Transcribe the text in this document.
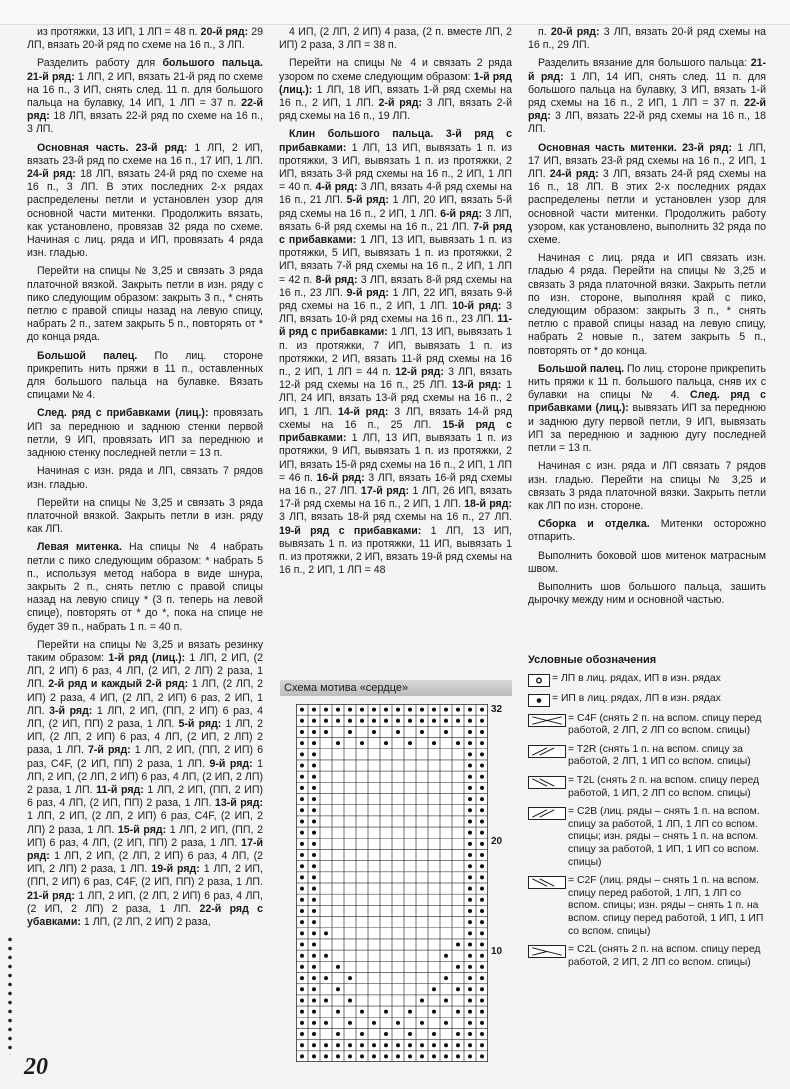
из протяжки, 13 ИП, 1 ЛП = 48 п. 20-й ряд: 29 ЛП, вязать 20-й ряд по схеме на 16 п., 3 ЛП.

Разделить работу для большого пальца. 21-й ряд: 1 ЛП, 2 ИП, вязать 21-й ряд по схеме на 16 п., 3 ИП, снять след. 11 п. для большого пальца на булавку, 14 ИП, 1 ЛП = 37 п. 22-й ряд: 18 ЛП, вязать 22-й ряд по схеме на 16 п., 3 ЛП.

Основная часть. 23-й ряд: 1 ЛП, 2 ИП, вязать 23-й ряд по схеме на 16 п., 17 ИП, 1 ЛП. 24-й ряд: 18 ЛП, вязать 24-й ряд по схеме на 16 п., 3 ЛП. В этих последних 2-х рядах распределены петли и установлен узор для основной части митенки. Продолжить вязать, как установлено, провязав 32 ряда по схеме. Начиная с лиц. ряда и ИП, провязать 4 ряда изн. гладью.

Перейти на спицы № 3,25 и связать 3 ряда платочной вязкой. Закрыть петли в изн. ряду с пико следующим образом: закрыть 3 п., * снять петлю с правой спицы назад на левую спицу, набрать 2 п., затем закрыть 5 п., повторять от * до конца ряда.

Большой палец. По лиц. стороне прикрепить нить пряжи в 11 п., оставленных для большого пальца на булавке. Вязать спицами № 4.

След. ряд с прибавками (лиц.): провязать ИП за переднюю и заднюю стенки первой петли, 9 ИП, провязать ИП за переднюю и заднюю стенку последней петли = 13 п.

Начиная с изн. ряда и ЛП, связать 7 рядов изн. гладью.

Перейти на спицы № 3,25 и связать 3 ряда платочной вязкой. Закрыть петли в изн. ряду как ЛП.

Левая митенка. На спицы № 4 набрать петли с пико следующим образом: * набрать 5 п., используя метод набора в виде шнура, закрыть 2 п., снять петлю с правой спицы назад на левую спицу * (3 п. теперь на левой спице), повторять от * до *, пока на спице не будет 39 п., набрать 1 п. = 40 п.

Перейти на спицы № 3,25 и вязать резинку таким образом: 1-й ряд (лиц.): 1 ЛП, 2 ИП, (2 ЛП, 2 ИП) 6 раз, 4 ЛП, (2 ИП, 2 ЛП) 2 раза, 1 ЛП. 2-й ряд и каждый 2-й ряд: 1 ЛП, (2 ЛП, 2 ИП) 2 раза, 4 ИП, (2 ЛП, 2 ИП) 6 раз, 2 ИП, 1 ЛП. 3-й ряд: 1 ЛП, 2 ИП, (ПП, 2 ИП) 6 раз, 4 ЛП, (2 ИП, ПП) 2 раза, 1 ЛП. 5-й ряд: 1 ЛП, 2 ИП, (2 ЛП, 2 ИП) 6 раз, 4 ЛП, (2 ИП, 2 ЛП) 2 раза, 1 ЛП. 7-й ряд: 1 ЛП, 2 ИП, (ПП, 2 ИП) 6 раз, C4F, (2 ИП, ПП) 2 раза, 1 ЛП. 9-й ряд: 1 ЛП, 2 ИП, (2 ЛП, 2 ИП) 6 раз, 4 ЛП, (2 ИП, 2 ЛП) 2 раза, 1 ЛП. 11-й ряд: 1 ЛП, 2 ИП, (ПП, 2 ИП) 6 раз, 4 ЛП, (2 ИП, ПП) 2 раза, 1 ЛП. 13-й ряд: 1 ЛП, 2 ИП, (2 ЛП, 2 ИП) 6 раз, C4F, (2 ИП, 2 ЛП) 2 раза, 1 ЛП. 15-й ряд: 1 ЛП, 2 ИП, (ПП, 2 ИП) 6 раз, 4 ЛП, (2 ИП, ПП) 2 раза, 1 ЛП. 17-й ряд: 1 ЛП, 2 ИП, (2 ЛП, 2 ИП) 6 раз, 4 ЛП, (2 ИП, 2 ЛП) 2 раза, 1 ЛП. 19-й ряд: 1 ЛП, 2 ИП, (ПП, 2 ИП) 6 раз, C4F, (2 ИП, ПП) 2 раза, 1 ЛП. 21-й ряд: 1 ЛП, 2 ИП, (2 ЛП, 2 ИП) 6 раз, 4 ЛП, (2 ИП, 2 ЛП) 2 раза, 1 ЛП. 22-й ряд с убавками: 1 ЛП, (2 ЛП, 2 ИП) 2 раза,

4 ИП, (2 ЛП, 2 ИП) 4 раза, (2 п. вместе ЛП, 2 ИП) 2 раза, 3 ЛП = 38 п.

Перейти на спицы № 4 и связать 2 ряда узором по схеме следующим образом: 1-й ряд (лиц.): 1 ЛП, 18 ИП, вязать 1-й ряд схемы на 16 п., 2 ИП, 1 ЛП. 2-й ряд: 3 ЛП, вязать 2-й ряд схемы на 16 п., 19 ЛП.

Клин большого пальца. 3-й ряд с прибавками: 1 ЛП, 13 ИП, вывязать 1 п. из протяжки, 3 ИП, вывязать 1 п. из протяжки, 2 ИП, вязать 3-й ряд схемы на 16 п., 2 ИП, 1 ЛП = 40 п. 4-й ряд: 3 ЛП, вязать 4-й ряд схемы на 16 п., 21 ЛП. 5-й ряд: 1 ЛП, 20 ИП, вязать 5-й ряд схемы на 16 п., 2 ИП, 1 ЛП. 6-й ряд: 3 ЛП, вязать 6-й ряд схемы на 16 п., 21 ЛП. 7-й ряд с прибавками: 1 ЛП, 13 ИП, вывязать 1 п. из протяжки, 5 ИП, вывязать 1 п. из протяжки, 2 ИП, вязать 7-й ряд схемы на 16 п., 2 ИП, 1 ЛП = 42 п. 8-й ряд: 3 ЛП, вязать 8-й ряд схемы на 16 п., 23 ЛП. 9-й ряд: 1 ЛП, 22 ИП, вязать 9-й ряд схемы на 16 п., 2 ИП, 1 ЛП. 10-й ряд: 3 ЛП, вязать 10-й ряд схемы на 16 п., 23 ЛП. 11-й ряд с прибавками: 1 ЛП, 13 ИП, вывязать 1 п. из протяжки, 7 ИП, вывязать 1 п. из протяжки, 2 ИП, вязать 11-й ряд схемы на 16 п., 2 ИП, 1 ЛП = 44 п. 12-й ряд: 3 ЛП, вязать 12-й ряд схемы на 16 п., 25 ЛП. 13-й ряд: 1 ЛП, 24 ИП, вязать 13-й ряд схемы на 16 п., 2 ИП, 1 ЛП. 14-й ряд: 3 ЛП, вязать 14-й ряд схемы на 16 п., 25 ЛП. 15-й ряд с прибавками: 1 ЛП, 13 ИП, вывязать 1 п. из протяжки, 9 ИП, вывязать 1 п. из протяжки, 2 ИП, вязать 15-й ряд схемы на 16 п., 2 ИП, 1 ЛП = 46 п. 16-й ряд: 3 ЛП, вязать 16-й ряд схемы на 16 п., 27 ЛП. 17-й ряд: 1 ЛП, 26 ИП, вязать 17-й ряд схемы на 16 п., 2 ИП, 1 ЛП. 18-й ряд: 3 ЛП, вязать 18-й ряд схемы на 16 п., 27 ЛП. 19-й ряд с прибавками: 1 ЛП, 13 ИП, вывязать 1 п. из протяжки, 11 ИП, вывязать 1 п. из протяжки, 2 ИП, вязать 19-й ряд схемы на 16 п., 2 ИП, 1 ЛП = 48

п. 20-й ряд: 3 ЛП, вязать 20-й ряд схемы на 16 п., 29 ЛП.

Разделить вязание для большого пальца: 21-й ряд: 1 ЛП, 14 ИП, снять след. 11 п. для большого пальца на булавку, 3 ИП, вязать 1-й ряд схемы на 16 п., 2 ИП, 1 ЛП = 37 п. 22-й ряд: 3 ЛП, вязать 22-й ряд схемы на 16 п., 18 ЛП.

Основная часть митенки. 23-й ряд: 1 ЛП, 17 ИП, вязать 23-й ряд схемы на 16 п., 2 ИП, 1 ЛП. 24-й ряд: 3 ЛП, вязать 24-й ряд схемы на 16 п., 18 ЛП. В этих 2-х последних рядах распределены петли и установлен узор для основной части митенки. Продолжить работу узором, как установлено, выполнить 32 ряда по схеме.

Начиная с лиц. ряда и ИП связать изн. гладью 4 ряда. Перейти на спицы № 3,25 и связать 3 ряда платочной вязки. Закрыть петли по изн. стороне, выполняя край с пико, следующим образом: закрыть 3 п., * снять петлю с правой спицы назад на левую спицу, набрать 2 новые п., затем закрыть 5 п., повторять от * до конца.

Большой палец. По лиц. стороне прикрепить нить пряжи к 11 п. большого пальца, сняв их с булавки на спицы № 4. След. ряд с прибавками (лиц.): вывязать ИП за переднюю и заднюю дугу первой петли, 9 ИП, вывязать ИП за переднюю и заднюю дугу последней петли = 13 п.

Начиная с изн. ряда и ЛП связать 7 рядов изн. гладью. Перейти на спицы № 3,25 и связать 3 ряда платочной вязки. Закрыть петли как ЛП по изн. стороне.

Сборка и отделка. Митенки осторожно отпарить.

Выполнить боковой шов митенок матрасным швом.

Выполнить шов большого пальца, зашить дырочку между ним и основной частью.

Схема мотива «сердце»
32
20
10
Условные обозначения
= ЛП в лиц. рядах, ИП в изн. рядах
= ИП в лиц. рядах, ЛП в изн. рядах
= C4F (снять 2 п. на вспом. спицу перед работой, 2 ЛП, 2 ЛП со вспом. спицы)
= T2R (снять 1 п. на вспом. спицу за работой, 2 ЛП, 1 ИП со вспом. спицы)
= T2L (снять 2 п. на вспом. спицу перед работой, 1 ИП, 2 ЛП со вспом. спицы)
= C2B (лиц. ряды – снять 1 п. на вспом. спицу за работой, 1 ЛП, 1 ЛП со вспом. спицы; изн. ряды – снять 1 п. на вспом. спицу за работой, 1 ИП, 1 ИП со вспом. спицы)
= C2F (лиц. ряды – снять 1 п. на вспом. спицу перед работой, 1 ЛП, 1 ЛП со вспом. спицы; изн. ряды – снять 1 п. на вспом. спицу перед работой, 1 ИП, 1 ИП со вспом. спицы)
= C2L (снять 2 п. на вспом. спицу перед работой, 2 ИП, 2 ЛП со вспом. спицы)
20
